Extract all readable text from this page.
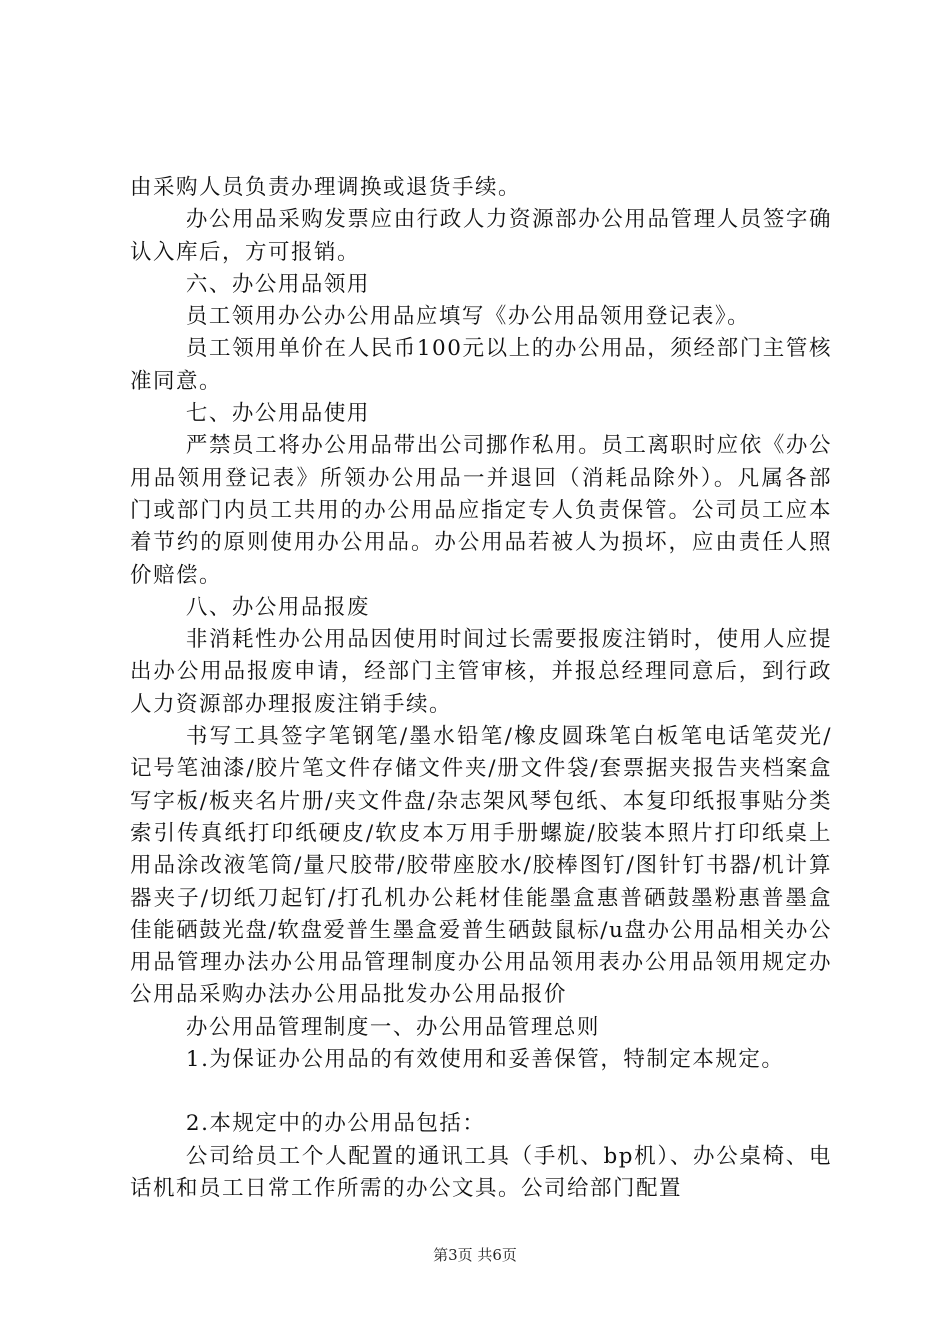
由采购人员负责办理调换或退货手续。

办公用品采购发票应由行政人力资源部办公用品管理人员签字确认入库后，方可报销。

六、办公用品领用

员工领用办公办公用品应填写《办公用品领用登记表》。

员工领用单价在人民币100元以上的办公用品，须经部门主管核准同意。

七、办公用品使用

严禁员工将办公用品带出公司挪作私用。员工离职时应依《办公用品领用登记表》所领办公用品一并退回（消耗品除外）。凡属各部门或部门内员工共用的办公用品应指定专人负责保管。公司员工应本着节约的原则使用办公用品。办公用品若被人为损坏，应由责任人照价赔偿。

八、办公用品报废

非消耗性办公用品因使用时间过长需要报废注销时，使用人应提出办公用品报废申请，经部门主管审核，并报总经理同意后，到行政人力资源部办理报废注销手续。

书写工具签字笔钢笔/墨水铅笔/橡皮圆珠笔白板笔电话笔荧光/记号笔油漆/胶片笔文件存储文件夹/册文件袋/套票据夹报告夹档案盒写字板/板夹名片册/夹文件盘/杂志架风琴包纸、本复印纸报事贴分类索引传真纸打印纸硬皮/软皮本万用手册螺旋/胶装本照片打印纸桌上用品涂改液笔筒/量尺胶带/胶带座胶水/胶棒图钉/图针钉书器/机计算器夹子/切纸刀起钉/打孔机办公耗材佳能墨盒惠普硒鼓墨粉惠普墨盒佳能硒鼓光盘/软盘爱普生墨盒爱普生硒鼓鼠标/u盘办公用品相关办公用品管理办法办公用品管理制度办公用品领用表办公用品领用规定办公用品采购办法办公用品批发办公用品报价

办公用品管理制度一、办公用品管理总则

1.为保证办公用品的有效使用和妥善保管，特制定本规定。

2.本规定中的办公用品包括：

公司给员工个人配置的通讯工具（手机、bp机）、办公桌椅、电话机和员工日常工作所需的办公文具。公司给部门配置

第3页 共6页
